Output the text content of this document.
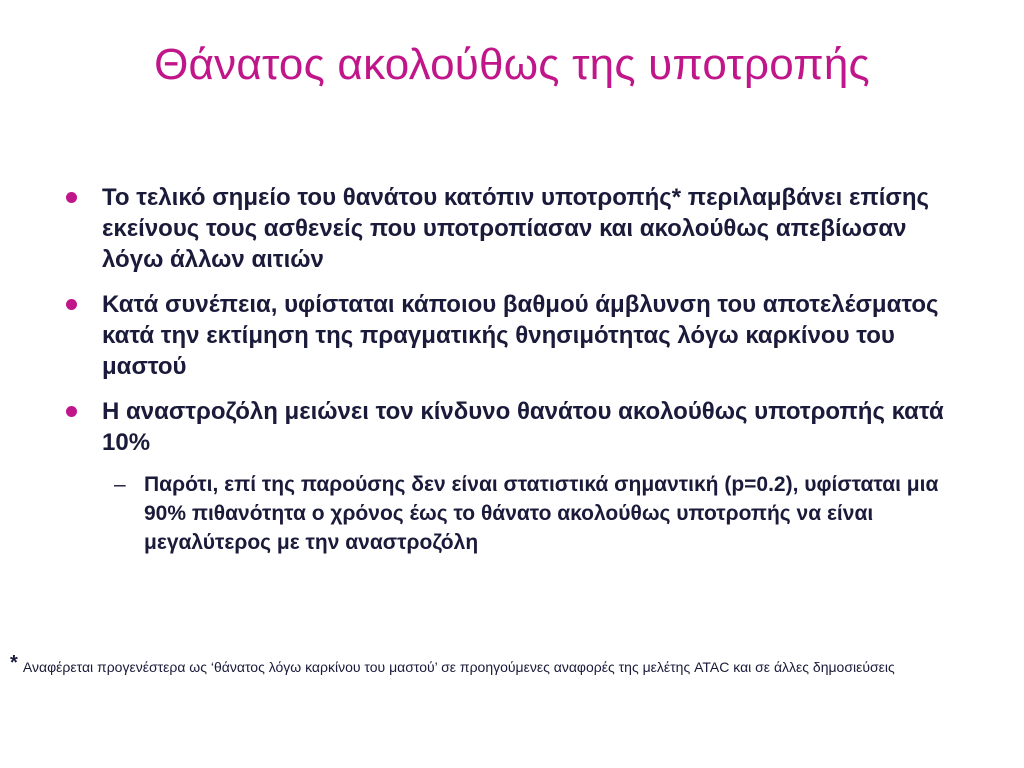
Θάνατος ακολούθως της υποτροπής
Το τελικό σημείο του θανάτου κατόπιν υποτροπής* περιλαμβάνει επίσης εκείνους τους ασθενείς που υποτροπίασαν και ακολούθως απεβίωσαν λόγω άλλων αιτιών
Κατά συνέπεια, υφίσταται κάποιου βαθμού άμβλυνση του αποτελέσματος κατά την εκτίμηση της πραγματικής θνησιμότητας λόγω καρκίνου του μαστού
Η αναστροζόλη μειώνει τον κίνδυνο θανάτου ακολούθως υποτροπής κατά 10%
– Παρότι, επί της παρούσης δεν είναι στατιστικά σημαντική (p=0.2), υφίσταται μια 90% πιθανότητα ο χρόνος έως το θάνατο ακολούθως υποτροπής να είναι μεγαλύτερος με την αναστροζόλη
* Αναφέρεται προγενέστερα ως ‘θάνατος λόγω καρκίνου του μαστού’ σε προηγούμενες αναφορές της μελέτης ATAC και σε άλλες δημοσιεύσεις
